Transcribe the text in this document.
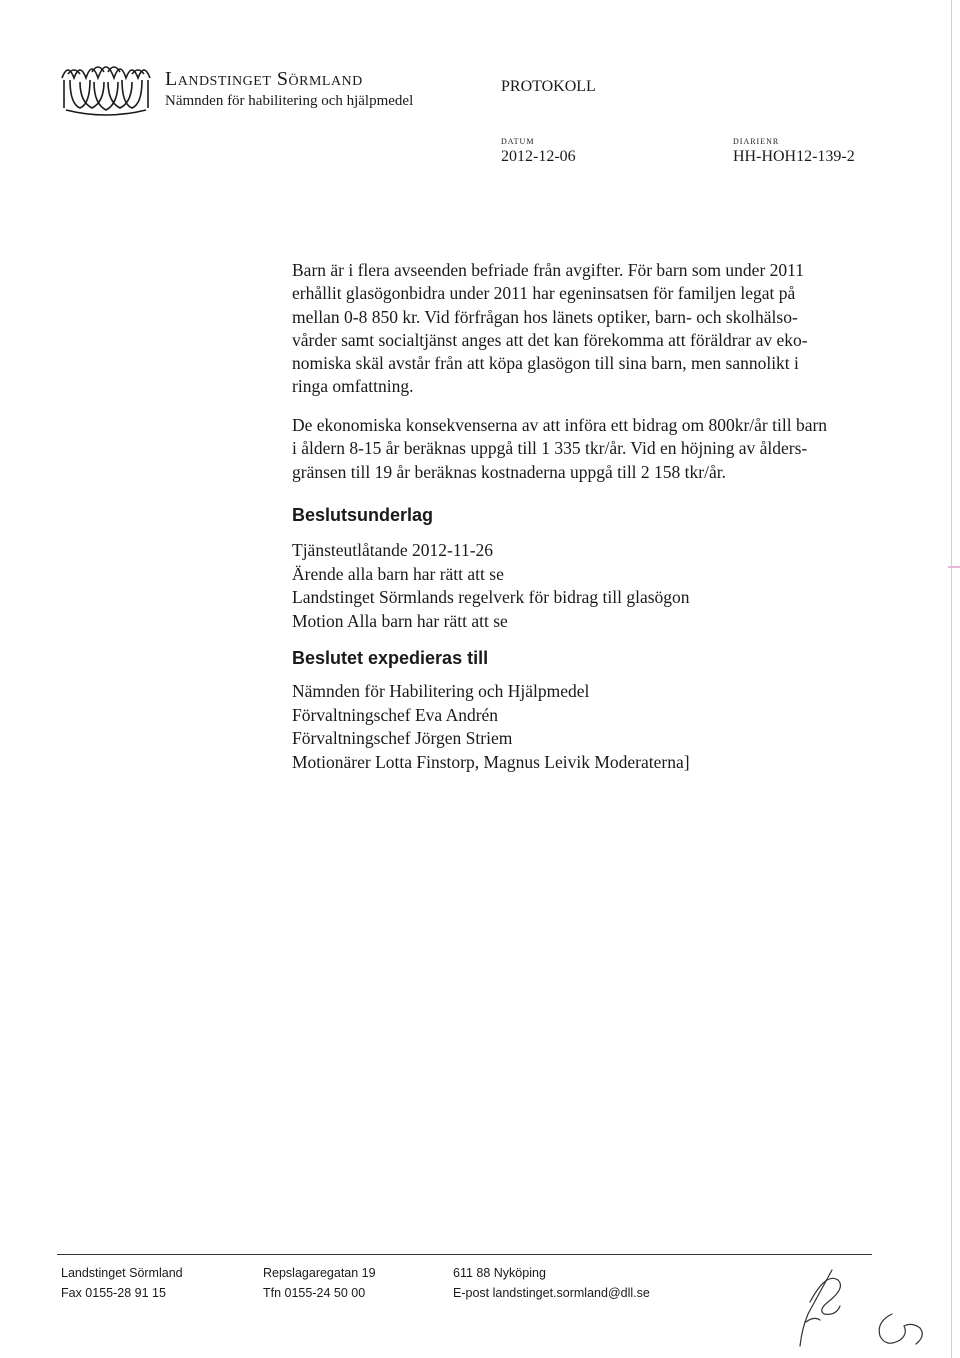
Landstinget Sörmland
Nämnden för habilitering och hjälpmedel
PROTOKOLL
DATUM
2012-12-06
DIARIENR
HH-HOH12-139-2

Barn är i flera avseenden befriade från avgifter. För barn som under 2011

erhållit glasögonbidra under 2011 har egeninsatsen för familjen legat på

mellan 0-8 850 kr. Vid förfrågan hos länets optiker, barn- och skolhälso-

vårder samt socialtjänst anges att det kan förekomma att föräldrar av eko-

nomiska skäl avstår från att köpa glasögon till sina barn, men sannolikt i

ringa omfattning.

De ekonomiska konsekvenserna av att införa ett bidrag om 800kr/år till barn

i åldern 8-15 år beräknas uppgå till 1 335 tkr/år. Vid en höjning av ålders-

gränsen till 19 år beräknas kostnaderna uppgå till 2 158 tkr/år.

Beslutsunderlag
Tjänsteutlåtande 2012-11-26
Ärende alla barn har rätt att se
Landstinget Sörmlands regelverk för bidrag till glasögon
Motion Alla barn har rätt att se
Beslutet expedieras till
Nämnden för Habilitering och Hjälpmedel
Förvaltningschef Eva Andrén
Förvaltningschef Jörgen Striem
Motionärer Lotta Finstorp, Magnus Leivik Moderaterna]
Landstinget Sörmland
Fax 0155-28 91 15
Repslagaregatan 19
Tfn 0155-24 50 00
611 88 Nyköping
E-post landstinget.sormland@dll.se
